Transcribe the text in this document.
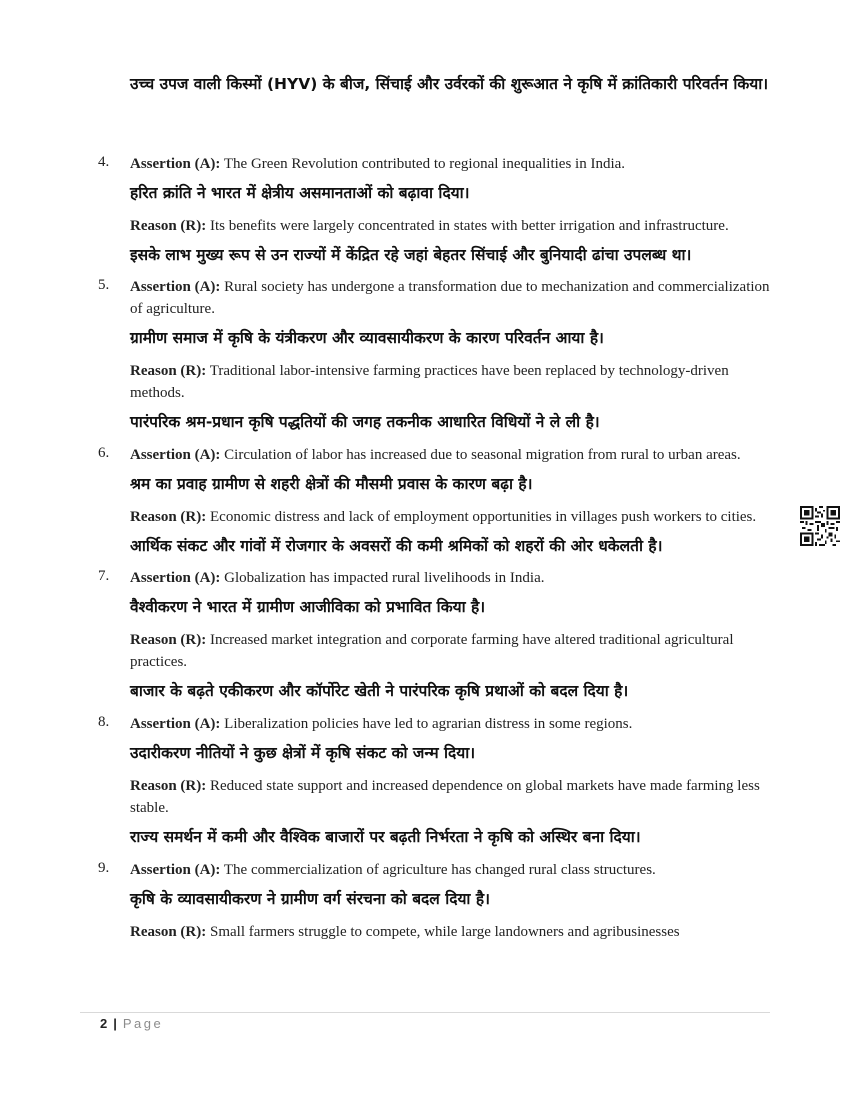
उच्च उपज वाली किस्मों (HYV) के बीज, सिंचाई और उर्वरकों की शुरूआत ने कृषि में क्रांतिकारी परिवर्तन किया।
4. Assertion (A): The Green Revolution contributed to regional inequalities in India.
हरित क्रांति ने भारत में क्षेत्रीय असमानताओं को बढ़ावा दिया।
Reason (R): Its benefits were largely concentrated in states with better irrigation and infrastructure.
इसके लाभ मुख्य रूप से उन राज्यों में केंद्रित रहे जहां बेहतर सिंचाई और बुनियादी ढांचा उपलब्ध था।
5. Assertion (A): Rural society has undergone a transformation due to mechanization and commercialization of agriculture.
ग्रामीण समाज में कृषि के यंत्रीकरण और व्यावसायीकरण के कारण परिवर्तन आया है।
Reason (R): Traditional labor-intensive farming practices have been replaced by technology-driven methods.
पारंपरिक श्रम-प्रधान कृषि पद्धतियों की जगह तकनीक आधारित विधियों ने ले ली है।
6. Assertion (A): Circulation of labor has increased due to seasonal migration from rural to urban areas.
श्रम का प्रवाह ग्रामीण से शहरी क्षेत्रों की मौसमी प्रवास के कारण बढ़ा है।
Reason (R): Economic distress and lack of employment opportunities in villages push workers to cities.
आर्थिक संकट और गांवों में रोजगार के अवसरों की कमी श्रमिकों को शहरों की ओर धकेलती है।
7. Assertion (A): Globalization has impacted rural livelihoods in India.
वैश्वीकरण ने भारत में ग्रामीण आजीविका को प्रभावित किया है।
Reason (R): Increased market integration and corporate farming have altered traditional agricultural practices.
बाजार के बढ़ते एकीकरण और कॉर्पोरेट खेती ने पारंपरिक कृषि प्रथाओं को बदल दिया है।
8. Assertion (A): Liberalization policies have led to agrarian distress in some regions.
उदारीकरण नीतियों ने कुछ क्षेत्रों में कृषि संकट को जन्म दिया।
Reason (R): Reduced state support and increased dependence on global markets have made farming less stable.
राज्य समर्थन में कमी और वैश्विक बाजारों पर बढ़ती निर्भरता ने कृषि को अस्थिर बना दिया।
9. Assertion (A): The commercialization of agriculture has changed rural class structures.
कृषि के व्यावसायीकरण ने ग्रामीण वर्ग संरचना को बदल दिया है।
Reason (R): Small farmers struggle to compete, while large landowners and agribusinesses
2 | Page
